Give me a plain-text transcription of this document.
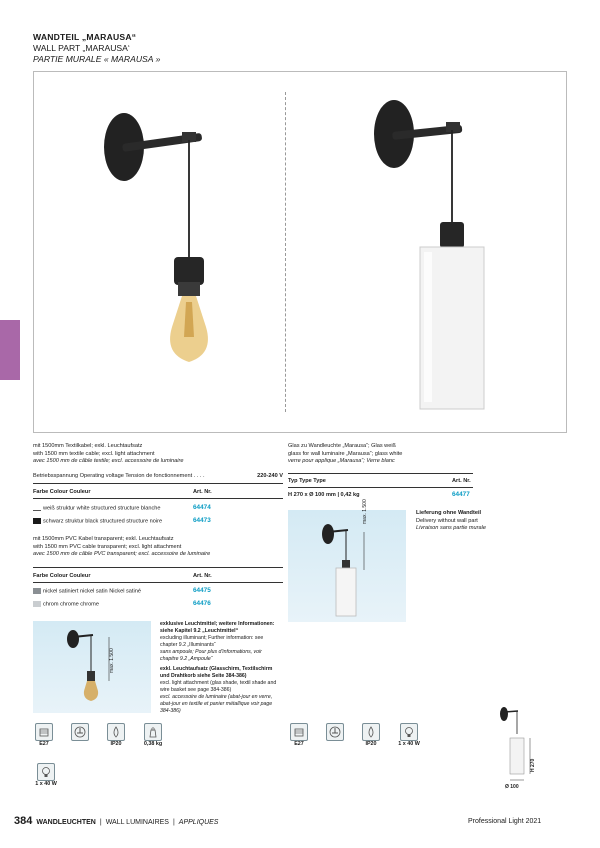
WANDTEIL „MARAUSA“
WALL PART „MARAUSA‘
PARTIE MURALE « MARAUSA »
mit 1500mm Textilkabel; exkl. Leuchtaufsatz
with 1500 mm textile cable; excl. light attachment
avec 1500 mm de câble textile; excl. accessoire de luminaire
Betriebsspannung Operating voltage Tension de fonctionnement . . . .	220-240 V
Farbe Colour Couleur	Art. Nr.
weiß struktur white structured structure blanche	64474
schwarz struktur black structured structure noire	64473
mit 1500mm PVC Kabel transparent; exkl. Leuchtaufsatz
with 1500 mm PVC cable transparent; excl. light attachment
avec 1500 mm de câble PVC transparent; excl. accessoire de luminaire
Farbe Colour Couleur	Art. Nr.
nickel satiniert nickel satin Nickel satiné	64475
chrom chrome chrome	64476
Glas zu Wandleuchte „Marausa“; Glas weiß
glass for wall luminaire „Marausa“; glass white
verre pour applique „Marausa“; Verre blanc
Typ Type Type	Art. Nr.
H 270 x Ø 100 mm | 0,42 kg	64477
max. 1.500	Lieferung ohne Wandteil
Delivery without wall part
Livraison sans partie murale
max. 1.500
exklusive Leuchtmittel; weitere Informationen: siehe Kapitel 9.2 „Leuchtmittel“
excluding illuminant; Further information: see chapter 9.2 „Illuminants“
sans ampoule; Pour plus d'informations, voir chapitre 9.2 „Ampoule“
exkl. Leuchtaufsatz (Glasschirm, Textilschirm und Drahtkorb siehe Seite 384-386)
excl. light attachment (glas shade, textil shade and wire basket see page 384-386)
excl. accessoire de luminaire (abat-jour en verre, abat-jour en textile et panier métallique voir page 384-386)
E27	IP20	0,38 kg
1 x 40 W
E27	IP20	1 x 40 W
H 270
Ø 100
384 WANDLEUCHTEN | WALL LUMINAIRES | APPLIQUES	Professional Light 2021
